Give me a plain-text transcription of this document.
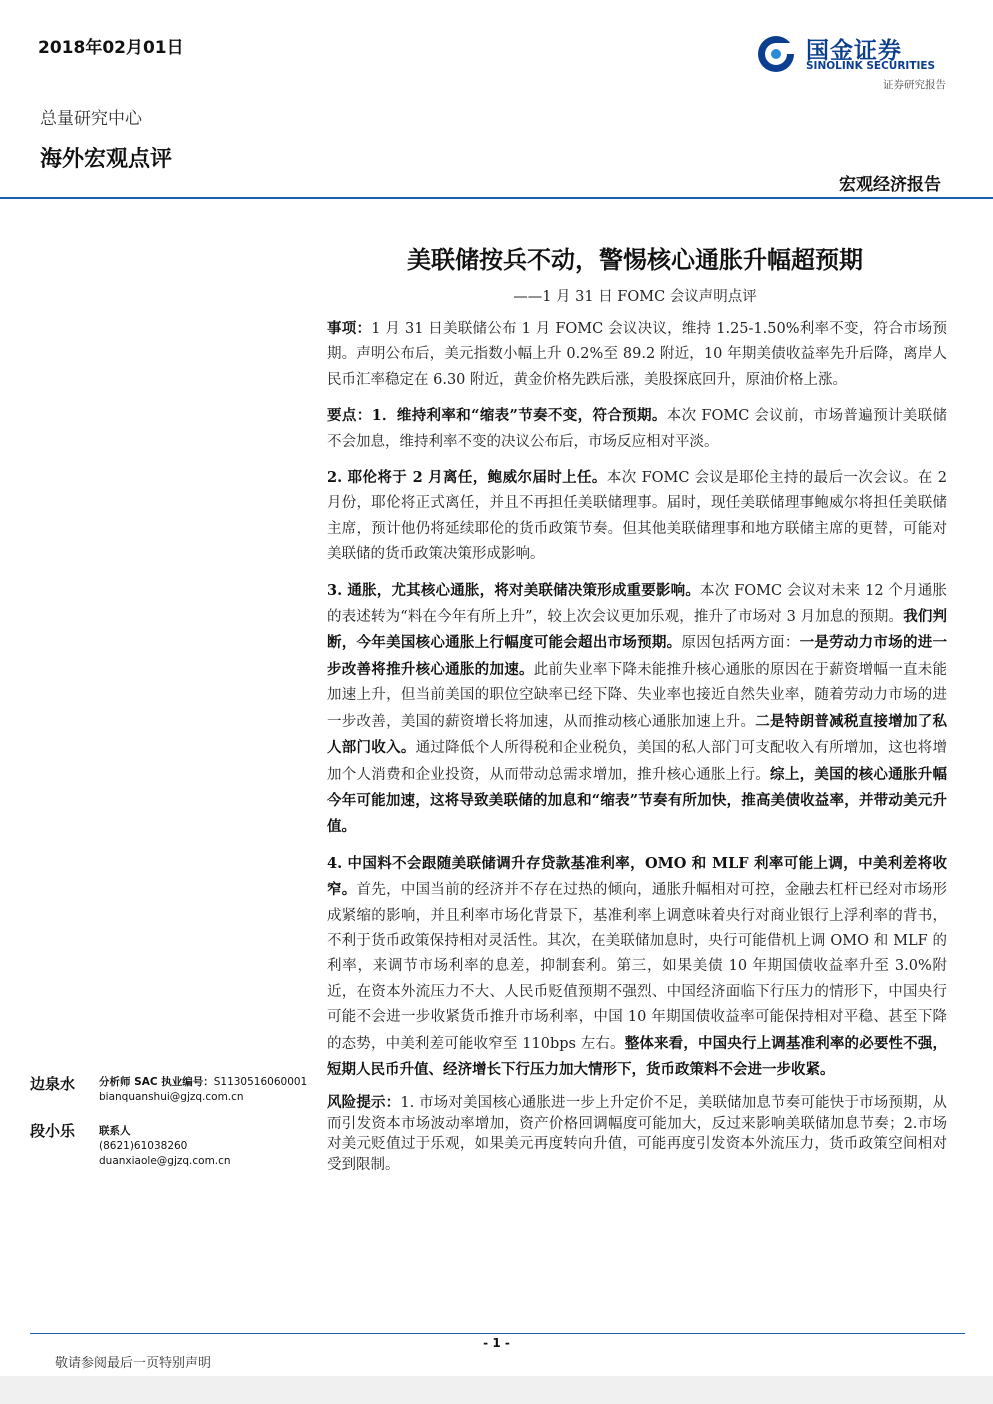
2018年02月01日	国金证券
SINOLINK SECURITIES
证券研究报告
总量研究中心
海外宏观点评
宏观经济报告
美联储按兵不动，警惕核心通胀升幅超预期
——1 月 31 日 FOMC 会议声明点评

事项：1 月 31 日美联储公布 1 月 FOMC 会议决议，维持 1.25-1.50%利率不变，符合市场预期。声明公布后，美元指数小幅上升 0.2%至 89.2 附近，10 年期美债收益率先升后降，离岸人民币汇率稳定在 6.30 附近，黄金价格先跌后涨，美股探底回升，原油价格上涨。

要点：1．维持利率和“缩表”节奏不变，符合预期。本次 FOMC 会议前，市场普遍预计美联储不会加息，维持利率不变的决议公布后，市场反应相对平淡。

2. 耶伦将于 2 月离任，鲍威尔届时上任。本次 FOMC 会议是耶伦主持的最后一次会议。在 2 月份，耶伦将正式离任，并且不再担任美联储理事。届时，现任美联储理事鲍威尔将担任美联储主席，预计他仍将延续耶伦的货币政策节奏。但其他美联储理事和地方联储主席的更替，可能对美联储的货币政策决策形成影响。

3. 通胀，尤其核心通胀，将对美联储决策形成重要影响。本次 FOMC 会议对未来 12 个月通胀的表述转为“料在今年有所上升”，较上次会议更加乐观，推升了市场对 3 月加息的预期。我们判断，今年美国核心通胀上行幅度可能会超出市场预期。原因包括两方面：一是劳动力市场的进一步改善将推升核心通胀的加速。此前失业率下降未能推升核心通胀的原因在于薪资增幅一直未能加速上升，但当前美国的职位空缺率已经下降、失业率也接近自然失业率，随着劳动力市场的进一步改善，美国的薪资增长将加速，从而推动核心通胀加速上升。二是特朗普减税直接增加了私人部门收入。通过降低个人所得税和企业税负，美国的私人部门可支配收入有所增加，这也将增加个人消费和企业投资，从而带动总需求增加，推升核心通胀上行。综上，美国的核心通胀升幅今年可能加速，这将导致美联储的加息和“缩表”节奏有所加快，推高美债收益率，并带动美元升值。

4. 中国料不会跟随美联储调升存贷款基准利率，OMO 和 MLF 利率可能上调，中美利差将收窄。首先，中国当前的经济并不存在过热的倾向，通胀升幅相对可控，金融去杠杆已经对市场形成紧缩的影响，并且利率市场化背景下，基准利率上调意味着央行对商业银行上浮利率的背书，不利于货币政策保持相对灵活性。其次，在美联储加息时，央行可能借机上调 OMO 和 MLF 的利率，来调节市场利率的息差，抑制套利。第三，如果美债 10 年期国债收益率升至 3.0%附近，在资本外流压力不大、人民币贬值预期不强烈、中国经济面临下行压力的情形下，中国央行可能不会进一步收紧货币推升市场利率，中国 10 年期国债收益率可能保持相对平稳、甚至下降的态势，中美利差可能收窄至 110bps 左右。整体来看，中国央行上调基准利率的必要性不强，短期人民币升值、经济增长下行压力加大情形下，货币政策料不会进一步收紧。

风险提示：1. 市场对美国核心通胀进一步上升定价不足，美联储加息节奏可能快于市场预期，从而引发资本市场波动率增加，资产价格回调幅度可能加大，反过来影响美联储加息节奏；2.市场对美元贬值过于乐观，如果美元再度转向升值，可能再度引发资本外流压力，货币政策空间相对受到限制。

边泉水 分析师 SAC 执业编号：S1130516060001
bianquanshui@gjzq.com.cn
段小乐 联系人
(8621)61038260
duanxiaole@gjzq.com.cn
- 1 -
敬请参阅最后一页特别声明
